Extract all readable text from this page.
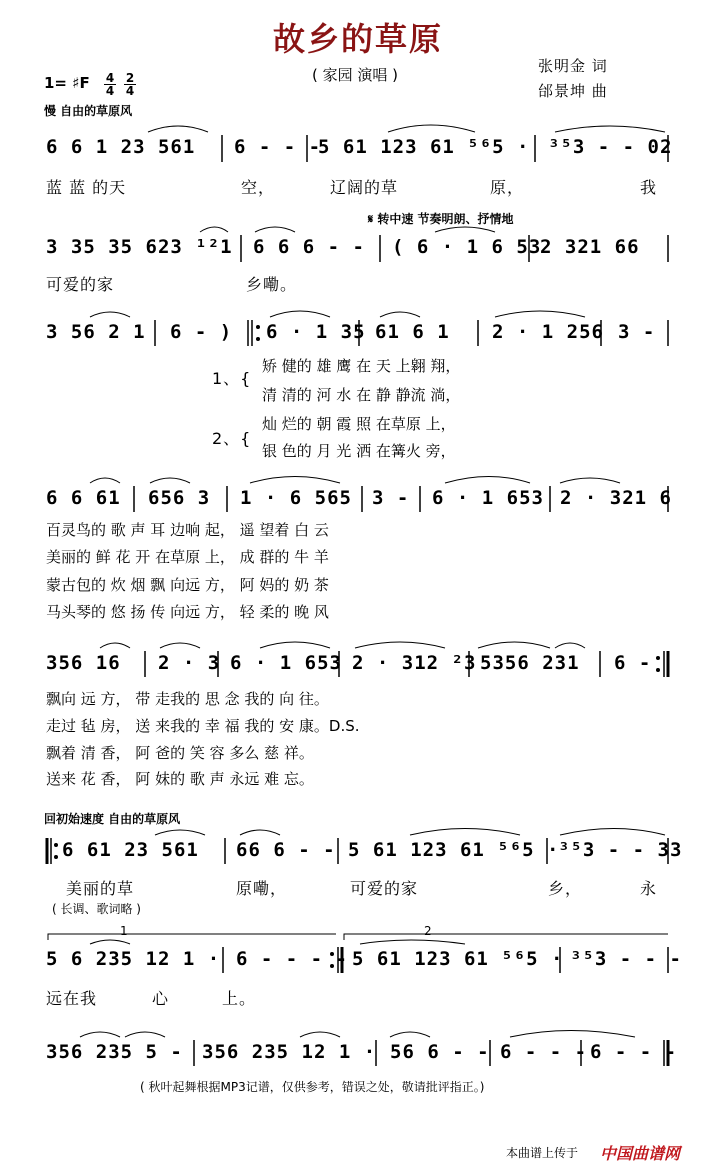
故乡的草原
( 家园 演唱 )	张明金 词
邰景坤 曲
1= ♯F $\frac{4}{4} \frac{2}{4}$
慢 自由的草原风
6 6 1 23 561 6 - - -
5 61 123 61 ⁵⁶5 · ³⁵3 - - 02
蓝 蓝 的天	空，	辽阔的草	原，	我
𝄋 转中速 节奏明朗、抒情地
3 35 35 623 ¹²1 6 6 6 - - ( 6 · 1 6 53
2 321 66
可爱的家	乡嘞。
3 56 2 1 6 - ) 6 · 1 35 61 6 1 2 · 1 256 3 -
1、{
2、{
矫 健的 雄 鹰 在 天 上翱 翔，
清 清的 河 水 在 静 静流 淌，
灿 烂的 朝 霞 照 在草原 上，
银 色的 月 光 洒 在篝火 旁，
6 6 61 656 3 1 · 6 565 3 - 6 · 1 653 2 · 321 6
百灵鸟的 歌 声 耳 边响 起， 遥 望着 白 云
美丽的 鲜 花 开 在草原 上， 成 群的 牛 羊
蒙古包的 炊 烟 飘 向远 方， 阿 妈的 奶 茶
马头琴的 悠 扬 传 向远 方， 轻 柔的 晚 风
356 16 2 · 3 6 · 1 653 2 · 312 ²3 5356 231 6 -
飘向 远 方， 带 走我的 思 念 我的 向 往。
走过 毡 房， 送 来我的 幸 福 我的 安 康。D.S.
飘着 清 香， 阿 爸的 笑 容 多么 慈 祥。
送来 花 香， 阿 妹的 歌 声 永远 难 忘。
回初始速度 自由的草原风
6 61 23 561 66 6 - - 5 61 123 61 ⁵⁶5 ·
³⁵3 - - 33
美丽的草	原嘞，	可爱的家	乡，	永
( 长调、歌词略 )
1	2
5 6 235 12 1 · 6 - - - - 5 61 123 61 ⁵⁶5 · ³⁵3 - - -
远在我	心	上。
356 235 5 - 356 235 12 1 · 56 6 - - 6 - - - 6 - - -
( 秋叶起舞根据MP3记谱，仅供参考，错误之处，敬请批评指正。)
本曲谱上传于 中国曲谱网
